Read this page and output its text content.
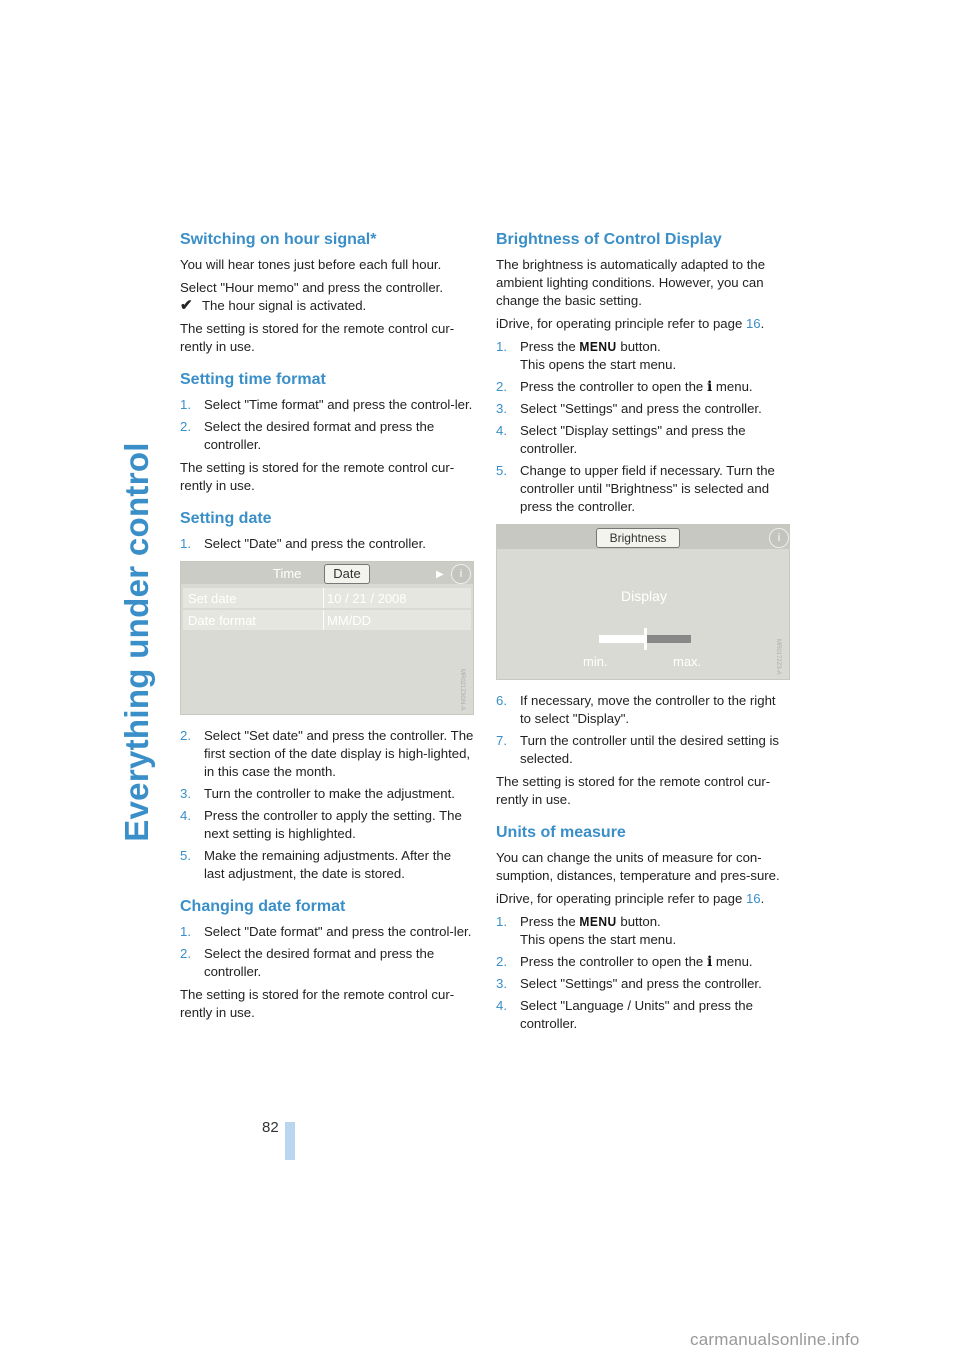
Everything under control
82
Switching on hour signal*

You will hear tones just before each full hour.

Select "Hour memo" and press the controller.
✔ The hour signal is activated.

The setting is stored for the remote control cur-rently in use.

Setting time format
1. Select "Time format" and press the control-ler.
2. Select the desired format and press the controller.

The setting is stored for the remote control cur-rently in use.

Setting date
1. Select "Date" and press the controller.
Time	Date	▶	i
Set date	10 / 21 / 2008
Date format	MM/DD
MR021Z3GN-A
2. Select "Set date" and press the controller. The first section of the date display is high-lighted, in this case the month.
3. Turn the controller to make the adjustment.
4. Press the controller to apply the setting. The next setting is highlighted.
5. Make the remaining adjustments. After the last adjustment, the date is stored.
Changing date format
1. Select "Date format" and press the control-ler.
2. Select the desired format and press the controller.

The setting is stored for the remote control cur-rently in use.

Brightness of Control Display

The brightness is automatically adapted to the ambient lighting conditions. However, you can change the basic setting.

iDrive, for operating principle refer to page 16.

1. Press the MENU button.
This opens the start menu.
2. Press the controller to open the i menu.
3. Select "Settings" and press the controller.
4. Select "Display settings" and press the controller.
5. Change to upper field if necessary. Turn the controller until "Brightness" is selected and press the controller.
Brightness	i
Display
min.	max.	MR0172Z3-A
6. If necessary, move the controller to the right to select "Display".
7. Turn the controller until the desired setting is selected.

The setting is stored for the remote control cur-rently in use.

Units of measure

You can change the units of measure for con-sumption, distances, temperature and pres-sure.

iDrive, for operating principle refer to page 16.

1. Press the MENU button.
This opens the start menu.
2. Press the controller to open the i menu.
3. Select "Settings" and press the controller.
4. Select "Language / Units" and press the controller.
carmanualsonline.info
